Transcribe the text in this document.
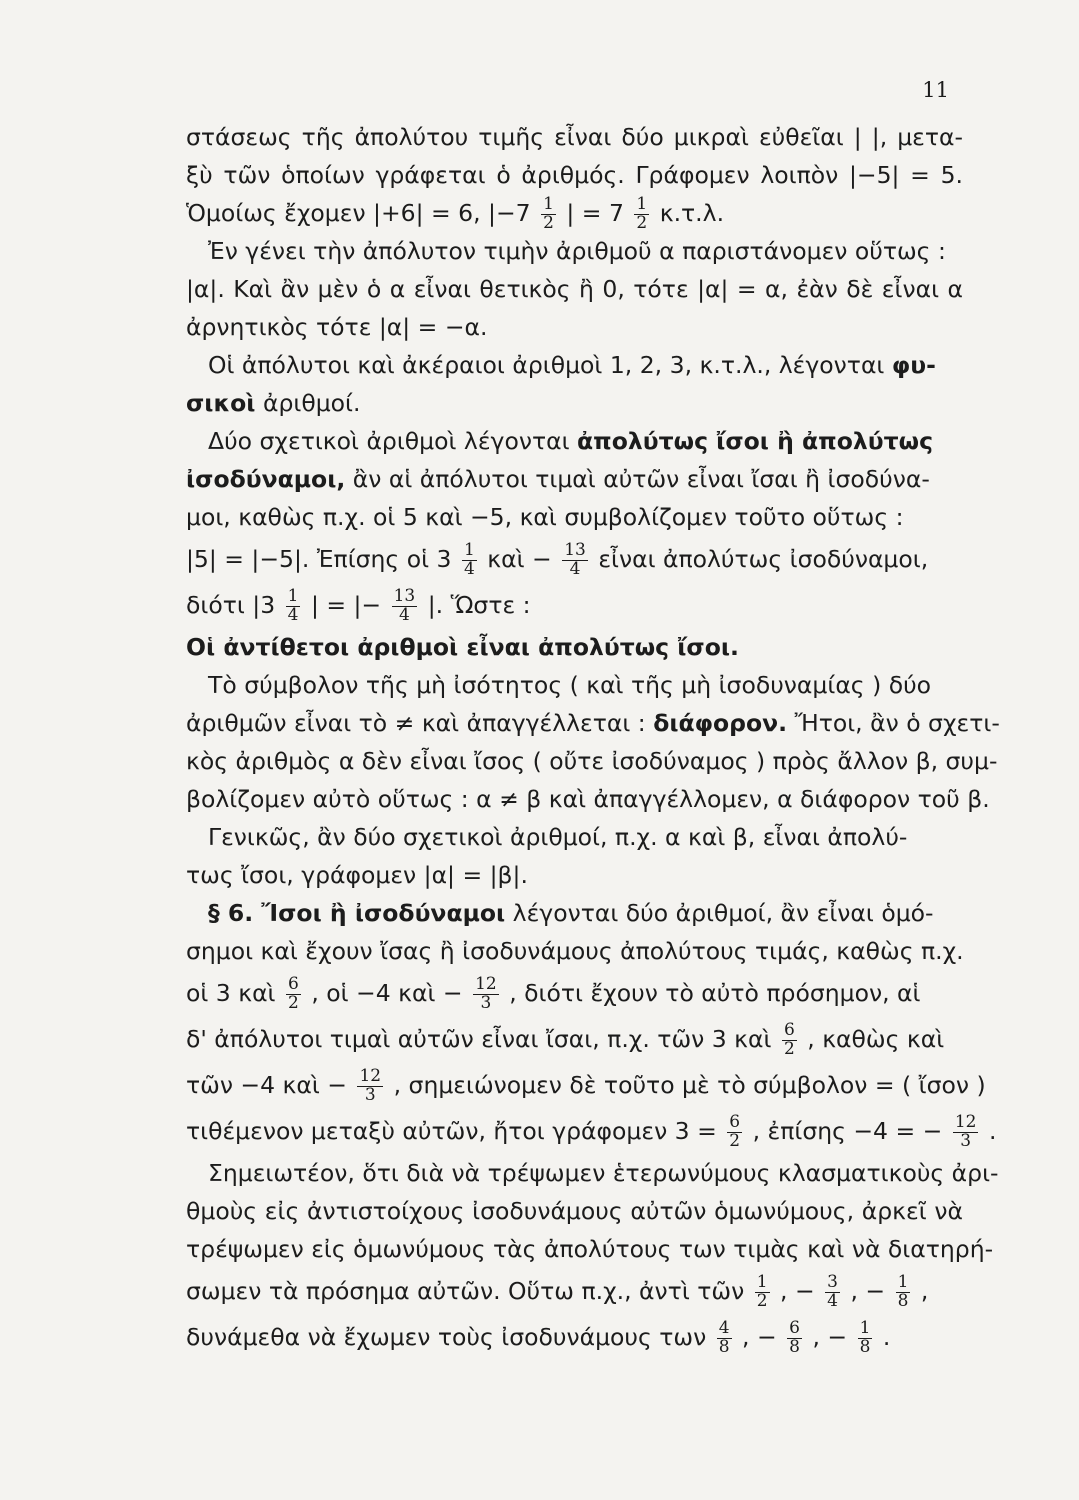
11
στάσεως τῆς ἀπολύτου τιμῆς εἶναι δύο μικραὶ εὐθεῖαι | |, μετα-
ξὺ τῶν ὁποίων γράφεται ὁ ἀριθμός. Γράφομεν λοιπὸν |−5| = 5.
Ὁμοίως ἔχομεν |+6| = 6, $|-7 \frac{1}{2}$ | = $7 \frac{1}{2} \kappa.\tau.\lambda$.
Ἐν γένει τὴν ἀπόλυτον τιμὴν ἀριθμοῦ α παριστάνομεν οὕτως :
|α|. Καὶ ἂν μὲν ὁ α εἶναι θετικὸς ἢ 0, τότε |α| = α, ἐὰν δὲ εἶναι α
ἀρνητικὸς τότε |α| = −α.
Οἱ ἀπόλυτοι καὶ ἀκέραιοι ἀριθμοὶ 1, 2, 3, κ.τ.λ., λέγονται φυ-
σικοὶ ἀριθμοί.
Δύο σχετικοὶ ἀριθμοὶ λέγονται ἀπολύτως ἴσοι ἢ ἀπολύτως
ἰσοδύναμοι, ἂν αἱ ἀπόλυτοι τιμαὶ αὐτῶν εἶναι ἴσαι ἢ ἰσοδύνα-
μοι, καθὼς π.χ. οἱ 5 καὶ −5, καὶ συμβολίζομεν τοῦτο οὕτως :
|5| = |−5|. Ἐπίσης οἱ $3 \frac{1}{4}$ καὶ − $\frac{13}{4}$ εἶναι ἀπολύτως ἰσοδύναμοι,
διότι $|3 \frac{1}{4}$ | = |− $\frac{13}{4}$ |. Ὥστε :
Οἱ ἀντίθετοι ἀριθμοὶ εἶναι ἀπολύτως ἴσοι.
Τὸ σύμβολον τῆς μὴ ἰσότητος ( καὶ τῆς μὴ ἰσοδυναμίας ) δύο
ἀριθμῶν εἶναι τὸ ≠ καὶ ἀπαγγέλλεται : διάφορον. Ἤτοι, ἂν ὁ σχετι-
κὸς ἀριθμὸς α δὲν εἶναι ἴσος ( οὔτε ἰσοδύναμος ) πρὸς ἄλλον β, συμ-
βολίζομεν αὐτὸ οὕτως : α ≠ β καὶ ἀπαγγέλλομεν, α διάφορον τοῦ β.
Γενικῶς, ἂν δύο σχετικοὶ ἀριθμοί, π.χ. α καὶ β, εἶναι ἀπολύ-
τως ἴσοι, γράφομεν |α| = |β|.
§ 6. Ἴσοι ἢ ἰσοδύναμοι λέγονται δύο ἀριθμοί, ἂν εἶναι ὁμό-
σημοι καὶ ἔχουν ἴσας ἢ ἰσοδυνάμους ἀπολύτους τιμάς, καθὼς π.χ.
οἱ 3 καὶ $\frac{6}{2}$ , οἱ −4 καὶ − $\frac{12}{3}$ , διότι ἔχουν τὸ αὐτὸ πρόσημον, αἱ
δ' ἀπόλυτοι τιμαὶ αὐτῶν εἶναι ἴσαι, π.χ. τῶν 3 καὶ $\frac{6}{2}$ , καθὼς καὶ
τῶν −4 καὶ − $\frac{12}{3}$ , σημειώνομεν δὲ τοῦτο μὲ τὸ σύμβολον = ( ἴσον )
τιθέμενον μεταξὺ αὐτῶν, ἤτοι γράφομεν $3 = \frac{6}{2}$ , ἐπίσης −4 = − $\frac{12}{3}$ .
Σημειωτέον, ὅτι διὰ νὰ τρέψωμεν ἑτερωνύμους κλασματικοὺς ἀρι-
θμοὺς εἰς ἀντιστοίχους ἰσοδυνάμους αὐτῶν ὁμωνύμους, ἀρκεῖ νὰ
τρέψωμεν εἰς ὁμωνύμους τὰς ἀπολύτους των τιμὰς καὶ νὰ διατηρή-
σωμεν τὰ πρόσημα αὐτῶν. Οὕτω π.χ., ἀντὶ τῶν $\frac{1}{2}$ , − $\frac{3}{4}$ , − $\frac{1}{8}$ ,
δυνάμεθα νὰ ἔχωμεν τοὺς ἰσοδυνάμους των $\frac{4}{8}$ , − $\frac{6}{8}$ , − $\frac{1}{8}$ .
